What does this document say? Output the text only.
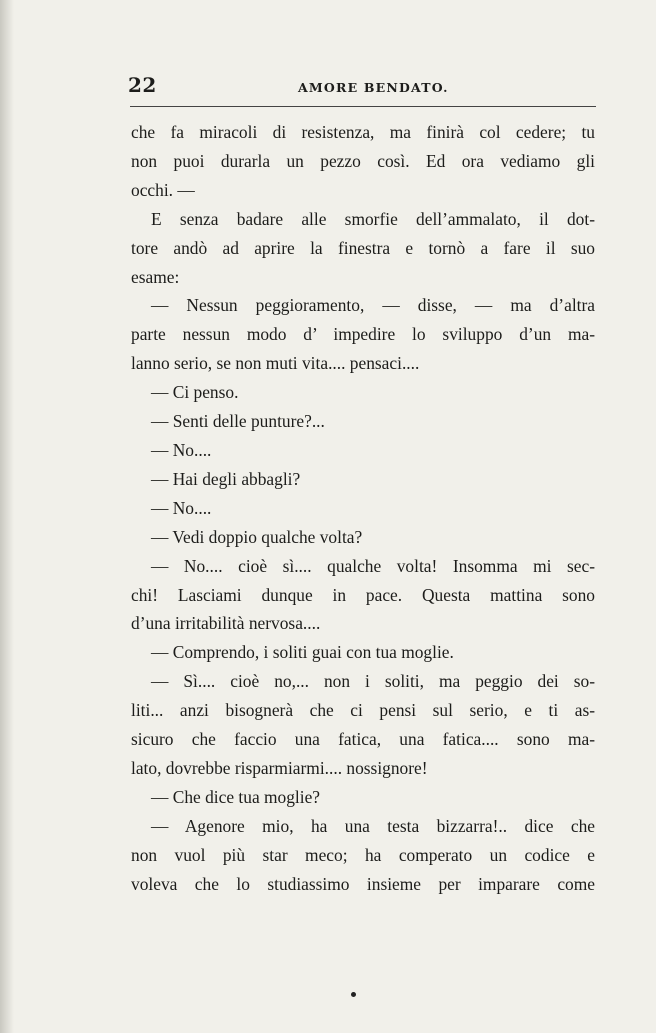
22	AMORE BENDATO.
che fa miracoli di resistenza, ma finirà col cedere; tu
non puoi durarla un pezzo così. Ed ora vediamo gli
occhi. —
E senza badare alle smorfie dell’ammalato, il dot-
tore andò ad aprire la finestra e tornò a fare il suo
esame:
— Nessun peggioramento, — disse, — ma d’altra
parte nessun modo d’ impedire lo sviluppo d’un ma-
lanno serio, se non muti vita.... pensaci....
— Ci penso.
— Senti delle punture?...
— No....
— Hai degli abbagli?
— No....
— Vedi doppio qualche volta?
— No.... cioè sì.... qualche volta! Insomma mi sec-
chi! Lasciami dunque in pace. Questa mattina sono
d’una irritabilità nervosa....
— Comprendo, i soliti guai con tua moglie.
— Sì.... cioè no,... non i soliti, ma peggio dei so-
liti... anzi bisognerà che ci pensi sul serio, e ti as-
sicuro che faccio una fatica, una fatica.... sono ma-
lato, dovrebbe risparmiarmi.... nossignore!
— Che dice tua moglie?
— Agenore mio, ha una testa bizzarra!.. dice che
non vuol più star meco; ha comperato un codice e
voleva che lo studiassimo insieme per imparare come
